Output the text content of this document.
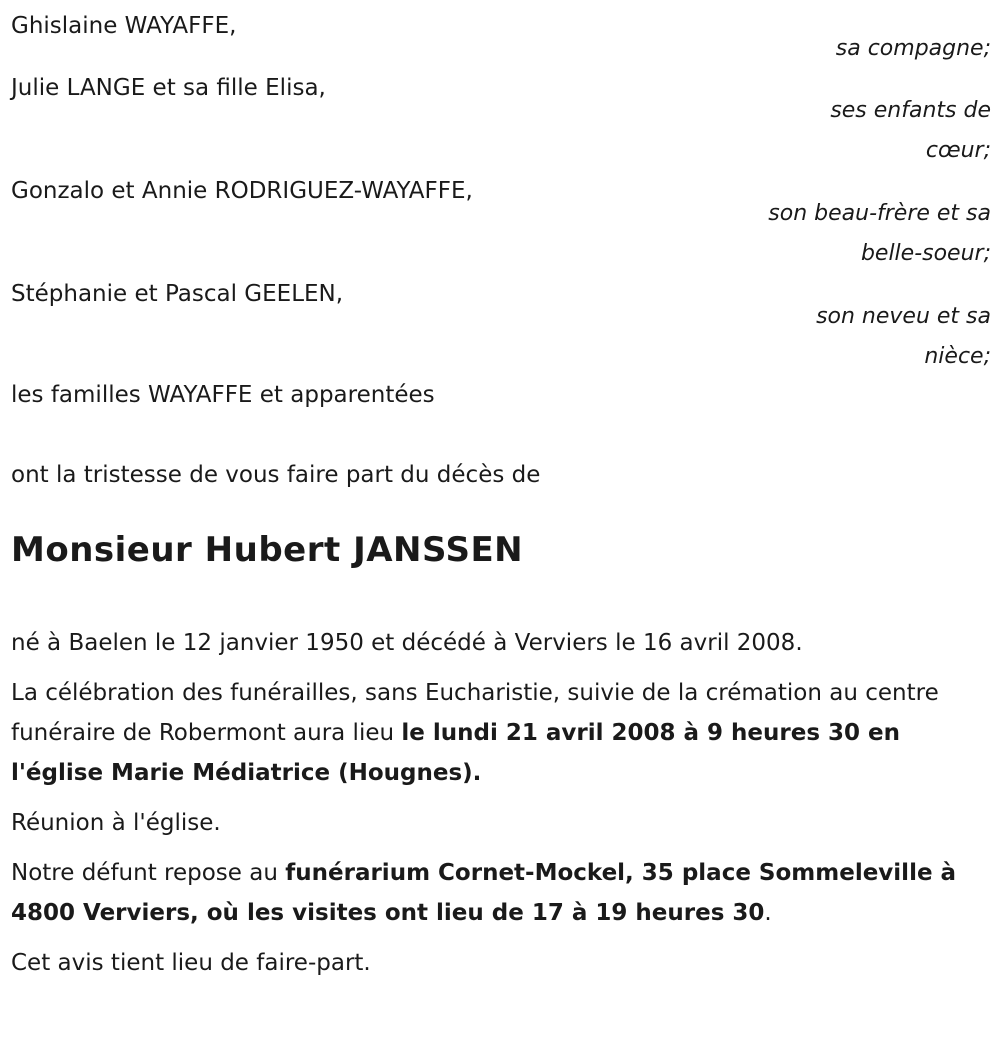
Ghislaine WAYAFFE,
sa compagne;
Julie LANGE et sa fille Elisa,
ses enfants de cœur;
Gonzalo et Annie RODRIGUEZ-WAYAFFE,
son beau-frère et sa belle-soeur;
Stéphanie et Pascal GEELEN,
son neveu et sa nièce;
les familles WAYAFFE et apparentées
ont la tristesse de vous faire part du décès de
Monsieur Hubert JANSSEN
né à Baelen le 12 janvier 1950 et décédé à Verviers le 16 avril 2008.
La célébration des funérailles, sans Eucharistie, suivie de la crémation au centre funéraire de Robermont aura lieu le lundi 21 avril 2008 à 9 heures 30 en l'église Marie Médiatrice (Hougnes).
Réunion à l'église.
Notre défunt repose au funérarium Cornet-Mockel, 35 place Sommeleville à 4800 Verviers, où les visites ont lieu de 17 à 19 heures 30.
Cet avis tient lieu de faire-part.
